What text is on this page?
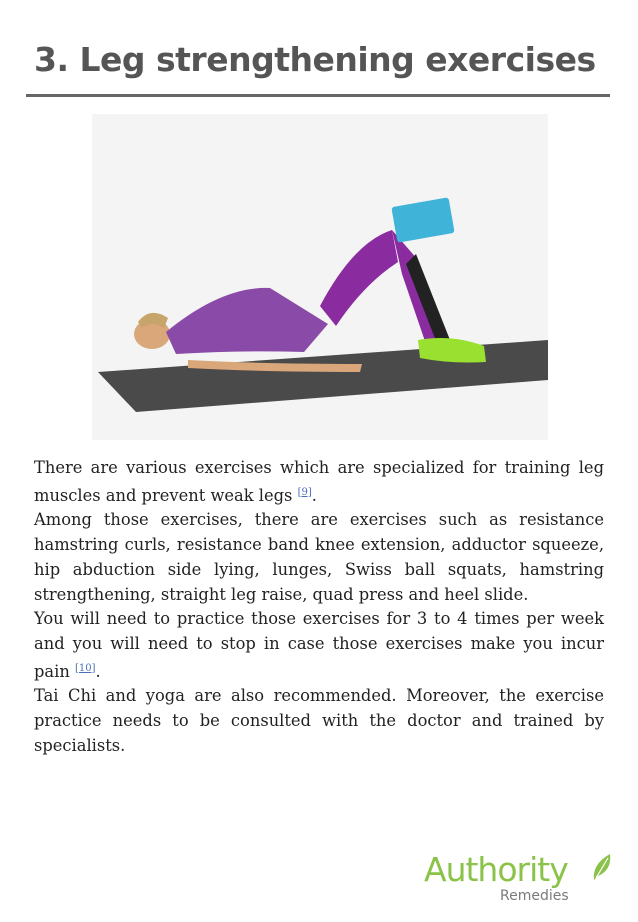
3. Leg strengthening exercises

There are various exercises which are specialized for training leg muscles and prevent weak legs [9].

Among those exercises, there are exercises such as resistance hamstring curls, resistance band knee extension, adductor squeeze, hip abduction side lying, lunges, Swiss ball squats, hamstring strengthening, straight leg raise, quad press and heel slide.

You will need to practice those exercises for 3 to 4 times per week and you will need to stop in case those exercises make you incur pain [10].

Tai Chi and yoga are also recommended. Moreover, the exercise practice needs to be consulted with the doctor and trained by specialists.

Authority
Remedies
